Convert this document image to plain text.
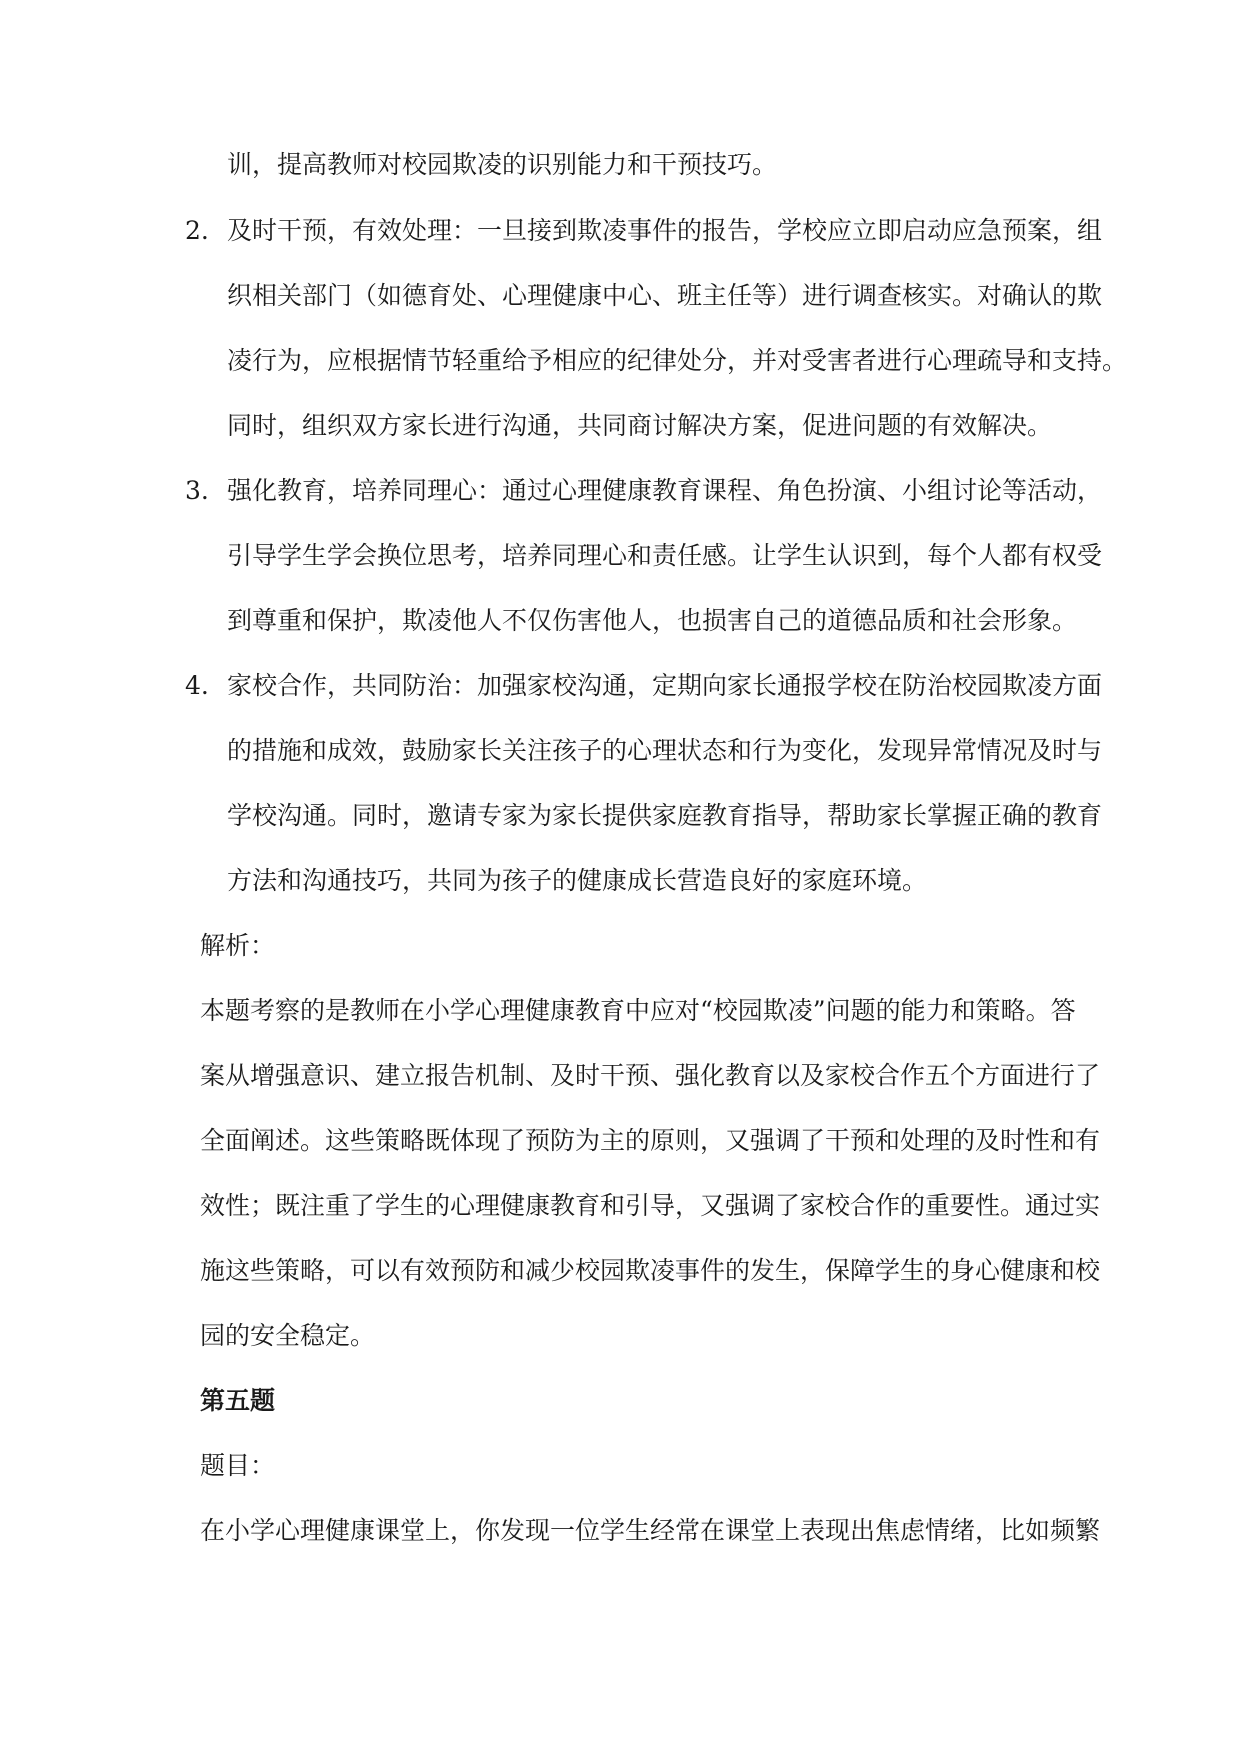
训，提高教师对校园欺凌的识别能力和干预技巧。
2. 及时干预，有效处理：一旦接到欺凌事件的报告，学校应立即启动应急预案，组
织相关部门（如德育处、心理健康中心、班主任等）进行调查核实。对确认的欺
凌行为，应根据情节轻重给予相应的纪律处分，并对受害者进行心理疏导和支持。
同时，组织双方家长进行沟通，共同商讨解决方案，促进问题的有效解决。
3. 强化教育，培养同理心：通过心理健康教育课程、角色扮演、小组讨论等活动，
引导学生学会换位思考，培养同理心和责任感。让学生认识到，每个人都有权受
到尊重和保护，欺凌他人不仅伤害他人，也损害自己的道德品质和社会形象。
4. 家校合作，共同防治：加强家校沟通，定期向家长通报学校在防治校园欺凌方面
的措施和成效，鼓励家长关注孩子的心理状态和行为变化，发现异常情况及时与
学校沟通。同时，邀请专家为家长提供家庭教育指导，帮助家长掌握正确的教育
方法和沟通技巧，共同为孩子的健康成长营造良好的家庭环境。
解析：
本题考察的是教师在小学心理健康教育中应对“校园欺凌”问题的能力和策略。答
案从增强意识、建立报告机制、及时干预、强化教育以及家校合作五个方面进行了
全面阐述。这些策略既体现了预防为主的原则，又强调了干预和处理的及时性和有
效性；既注重了学生的心理健康教育和引导，又强调了家校合作的重要性。通过实
施这些策略，可以有效预防和减少校园欺凌事件的发生，保障学生的身心健康和校
园的安全稳定。
第五题
题目：
在小学心理健康课堂上，你发现一位学生经常在课堂上表现出焦虑情绪，比如频繁
